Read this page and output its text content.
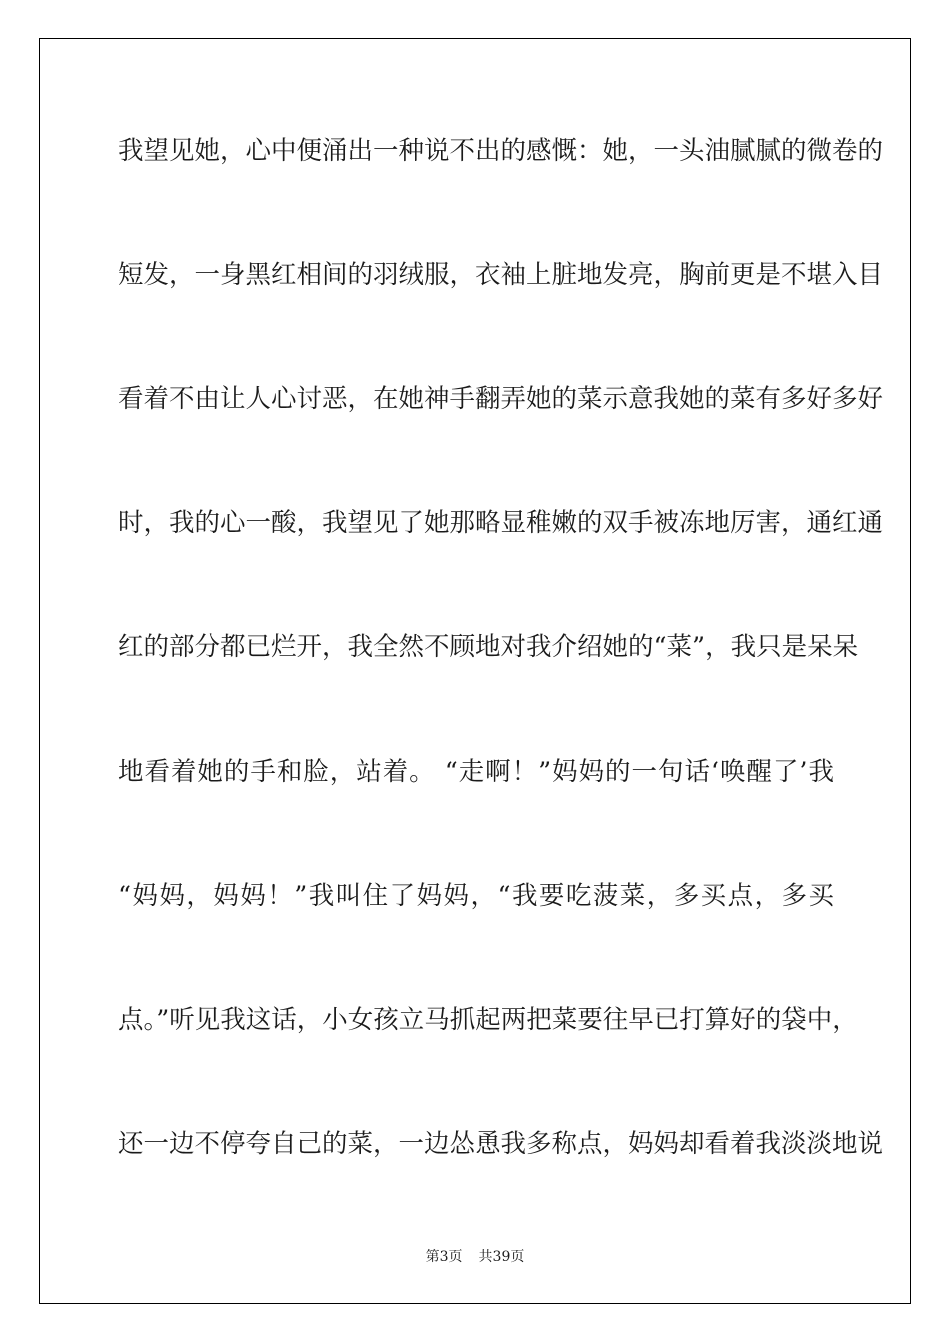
我望见她，心中便涌出一种说不出的感慨：她，一头油腻腻的微卷的
短发，一身黑红相间的羽绒服，衣袖上脏地发亮，胸前更是不堪入目
看着不由让人心讨恶，在她神手翻弄她的菜示意我她的菜有多好多好
时，我的心一酸，我望见了她那略显稚嫩的双手被冻地厉害，通红通
红的部分都已烂开，我全然不顾地对我介绍她的“菜”，我只是呆呆
地看着她的手和脸，站着。 “走啊！”妈妈的一句话‘唤醒了’我
“妈妈，妈妈！”我叫住了妈妈，“我要吃菠菜，多买点，多买
点。”听见我这话，小女孩立马抓起两把菜要往早已打算好的袋中，
还一边不停夸自己的菜，一边怂恿我多称点，妈妈却看着我淡淡地说
第3页 共39页
